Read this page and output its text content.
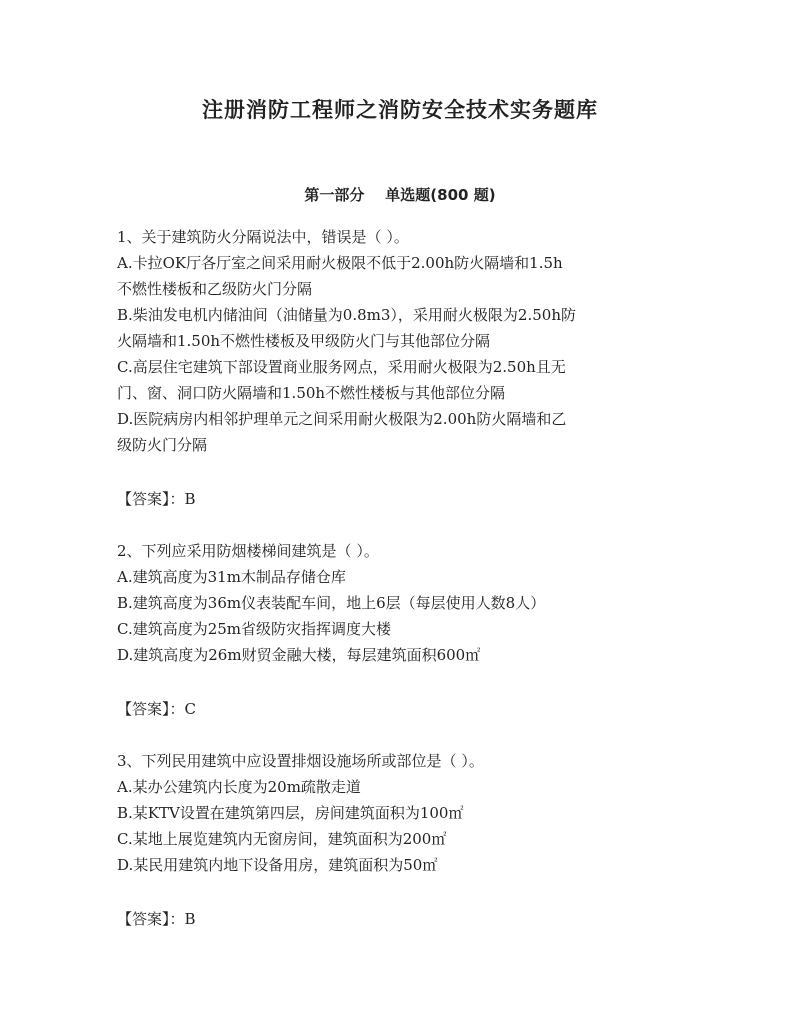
注册消防工程师之消防安全技术实务题库
第一部分    单选题(800 题)
1、关于建筑防火分隔说法中，错误是（ ）。
A.卡拉OK厅各厅室之间采用耐火极限不低于2.00h防火隔墙和1.5h
不燃性楼板和乙级防火门分隔
B.柴油发电机内储油间（油储量为0.8m3），采用耐火极限为2.50h防
火隔墙和1.50h不燃性楼板及甲级防火门与其他部位分隔
C.高层住宅建筑下部设置商业服务网点，采用耐火极限为2.50h且无
门、窗、洞口防火隔墙和1.50h不燃性楼板与其他部位分隔
D.医院病房内相邻护理单元之间采用耐火极限为2.00h防火隔墙和乙
级防火门分隔
【答案】：B
2、下列应采用防烟楼梯间建筑是（ ）。
A.建筑高度为31m木制品存储仓库
B.建筑高度为36m仪表装配车间，地上6层（每层使用人数8人）
C.建筑高度为25m省级防灾指挥调度大楼
D.建筑高度为26m财贸金融大楼，每层建筑面积600㎡
【答案】：C
3、下列民用建筑中应设置排烟设施场所或部位是（ ）。
A.某办公建筑内长度为20m疏散走道
B.某KTV设置在建筑第四层，房间建筑面积为100㎡
C.某地上展览建筑内无窗房间，建筑面积为200㎡
D.某民用建筑内地下设备用房，建筑面积为50㎡
【答案】：B
